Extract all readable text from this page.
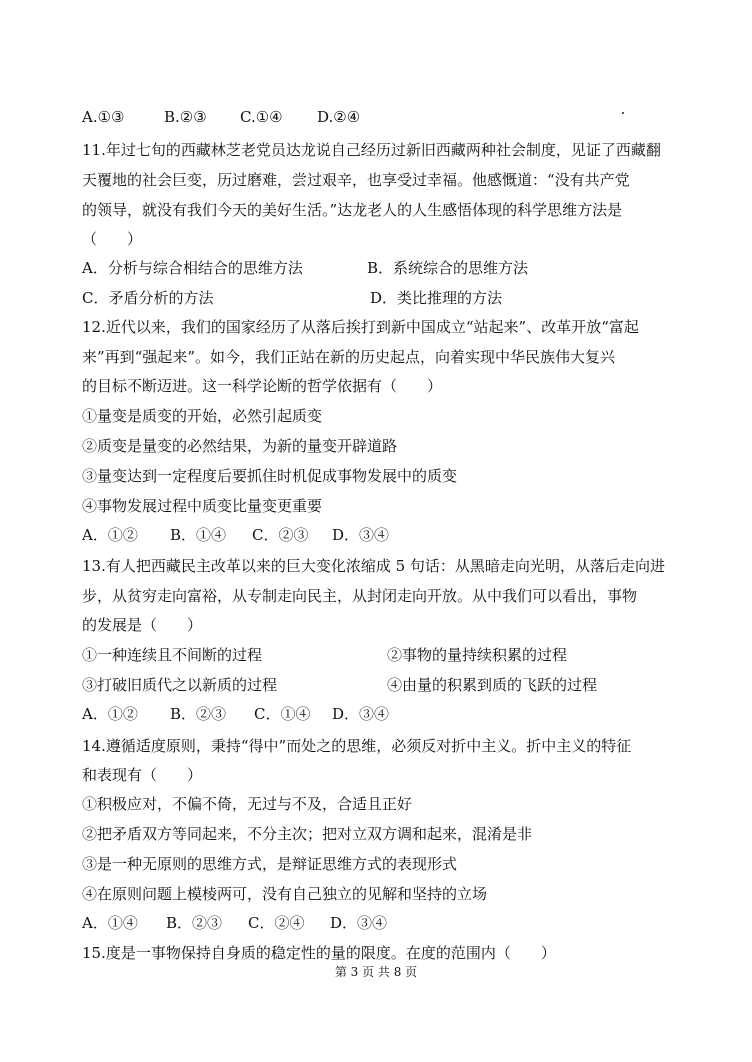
A.①③	B.②③ C.①④ D.②④
11.年过七旬的西藏林芝老党员达龙说自己经历过新旧西藏两种社会制度，见证了西藏翻
天覆地的社会巨变，历过磨难，尝过艰辛，也享受过幸福。他感慨道：“没有共产党
的领导，就没有我们今天的美好生活。”达龙老人的人生感悟体现的科学思维方法是
（　　）
A．分析与综合相结合的思维方法	B．系统综合的思维方法
C．矛盾分析的方法	D．类比推理的方法
12.近代以来，我们的国家经历了从落后挨打到新中国成立“站起来”、改革开放“富起
来”再到“强起来”。如今，我们正站在新的历史起点，向着实现中华民族伟大复兴
的目标不断迈进。这一科学论断的哲学依据有（　　）
①量变是质变的开始，必然引起质变
②质变是量变的必然结果，为新的量变开辟道路
③量变达到一定程度后要抓住时机促成事物发展中的质变
④事物发展过程中质变比量变更重要
A．①② B．①④ C．②③ D．③④
13.有人把西藏民主改革以来的巨大变化浓缩成 5 句话：从黑暗走向光明，从落后走向进
步，从贫穷走向富裕，从专制走向民主，从封闭走向开放。从中我们可以看出，事物
的发展是（　　）
①一种连续且不间断的过程	②事物的量持续积累的过程
③打破旧质代之以新质的过程	④由量的积累到质的飞跃的过程
A．①② B．②③ C．①④ D．③④
14.遵循适度原则，秉持“得中”而处之的思维，必须反对折中主义。折中主义的特征
和表现有（　　）
①积极应对，不偏不倚，无过与不及，合适且正好
②把矛盾双方等同起来，不分主次；把对立双方调和起来，混淆是非
③是一种无原则的思维方式，是辩证思维方式的表现形式
④在原则问题上模棱两可，没有自己独立的见解和坚持的立场
A．①④ B．②③ C．②④ D．③④
15.度是一事物保持自身质的稳定性的量的限度。在度的范围内（　　）
第 3 页 共 8 页
